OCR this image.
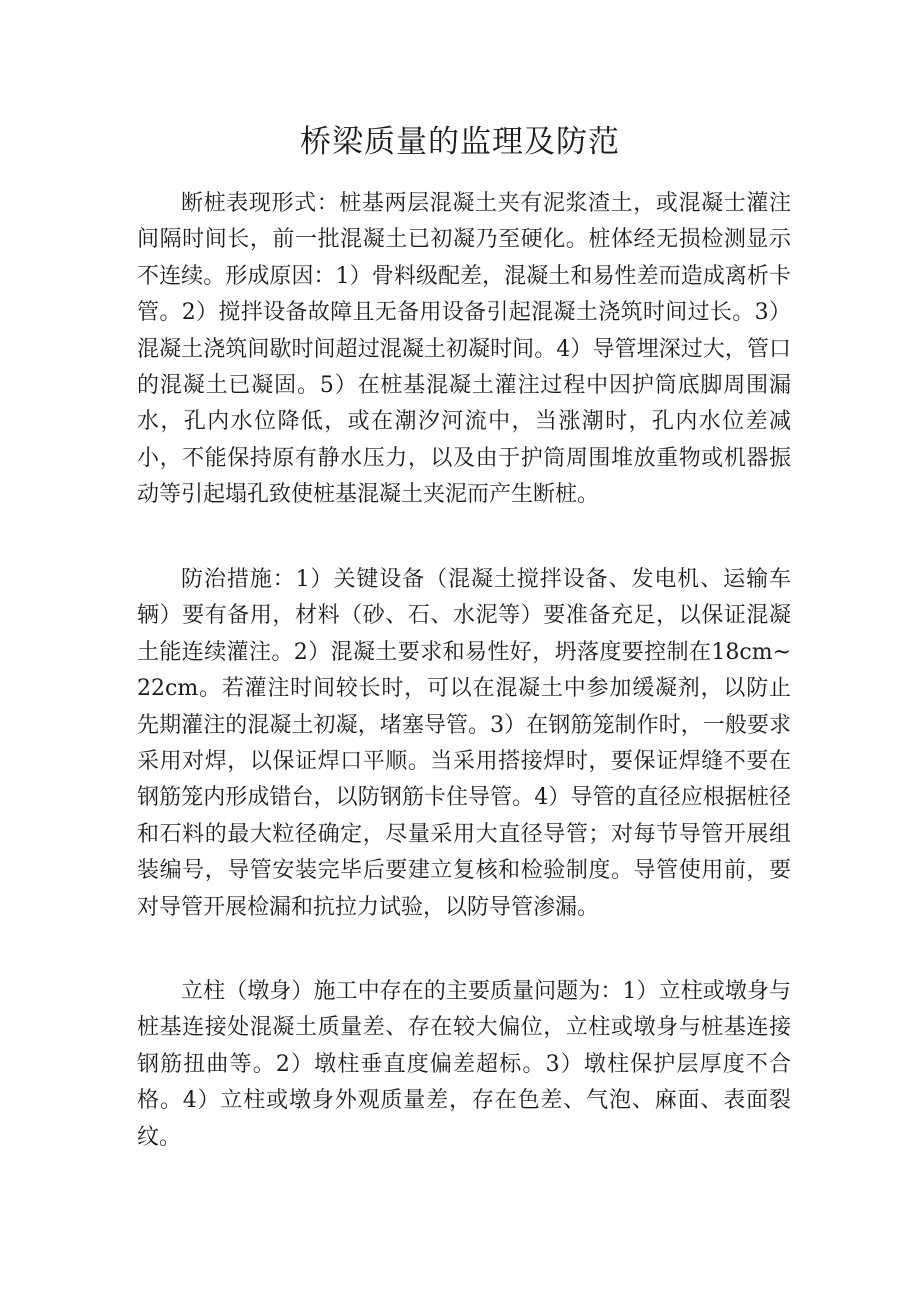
桥梁质量的监理及防范

断桩表现形式：桩基两层混凝土夹有泥浆渣土，或混凝士灌注间隔时间长，前一批混凝土已初凝乃至硬化。桩体经无损检测显示不连续。形成原因：1）骨料级配差，混凝土和易性差而造成离析卡管。2）搅拌设备故障且无备用设备引起混凝土浇筑时间过长。3）混凝土浇筑间歇时间超过混凝土初凝时间。4）导管埋深过大，管口的混凝土已凝固。5）在桩基混凝土灌注过程中因护筒底脚周围漏水，孔内水位降低，或在潮汐河流中，当涨潮时，孔内水位差减小，不能保持原有静水压力，以及由于护筒周围堆放重物或机器振动等引起塌孔致使桩基混凝土夹泥而产生断桩。

防治措施：1）关键设备（混凝土搅拌设备、发电机、运输车辆）要有备用，材料（砂、石、水泥等）要准备充足，以保证混凝土能连续灌注。2）混凝土要求和易性好，坍落度要控制在18cm~22cm。若灌注时间较长时，可以在混凝土中参加缓凝剂，以防止先期灌注的混凝土初凝，堵塞导管。3）在钢筋笼制作时，一般要求采用对焊，以保证焊口平顺。当采用搭接焊时，要保证焊缝不要在钢筋笼内形成错台，以防钢筋卡住导管。4）导管的直径应根据桩径和石料的最大粒径确定，尽量采用大直径导管；对每节导管开展组装编号，导管安装完毕后要建立复核和检验制度。导管使用前，要对导管开展检漏和抗拉力试验，以防导管渗漏。

立柱（墩身）施工中存在的主要质量问题为：1）立柱或墩身与桩基连接处混凝土质量差、存在较大偏位，立柱或墩身与桩基连接钢筋扭曲等。2）墩柱垂直度偏差超标。3）墩柱保护层厚度不合格。4）立柱或墩身外观质量差，存在色差、气泡、麻面、表面裂纹。
